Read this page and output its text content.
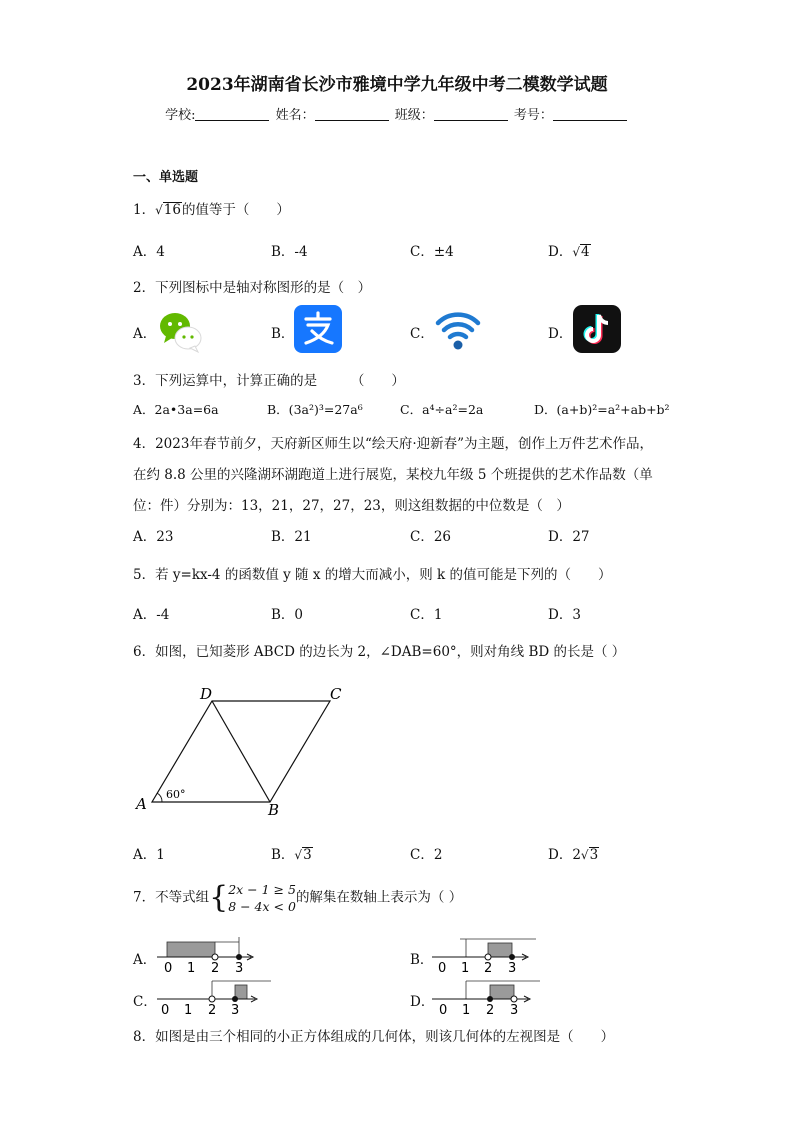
2023年湖南省长沙市雅境中学九年级中考二模数学试题
学校:	姓名：	班级：	考号：
一、单选题
1．√16的值等于（　　）
A．4	B．-4	C．±4	D．√4
2．下列图标中是轴对称图形的是（　）
A．	B．	C．	D．
3．下列运算中，计算正确的是　　　（　　）
A．2a•3a=6a	B．(3a²)³=27a⁶	C．a⁴÷a²=2a	D．(a+b)²=a²+ab+b²
4．2023年春节前夕，天府新区师生以“绘天府·迎新春”为主题，创作上万件艺术作品，
在约 8.8 公里的兴隆湖环湖跑道上进行展览，某校九年级 5 个班提供的艺术作品数（单
位：件）分别为：13，21，27，27，23，则这组数据的中位数是（　）
A．23	B．21	C．26	D．27
5．若 y=kx-4 的函数值 y 随 x 的增大而减小，则 k 的值可能是下列的（　　）
A．-4	B．0	C．1	D．3
6．如图，已知菱形 ABCD 的边长为 2，∠DAB=60°，则对角线 BD 的长是（ ）
D	C
A	B
60°
A．1	B．√3	C．2	D．2√3
7．不等式组{2x − 1 ≥ 5
8 − 4x < 0的解集在数轴上表示为（ ）
A．	B．
C．	D．
0 1 2 3	0 1 2 3
0 1 2 3	0 1 2 3
8．如图是由三个相同的小正方体组成的几何体，则该几何体的左视图是（　　）
